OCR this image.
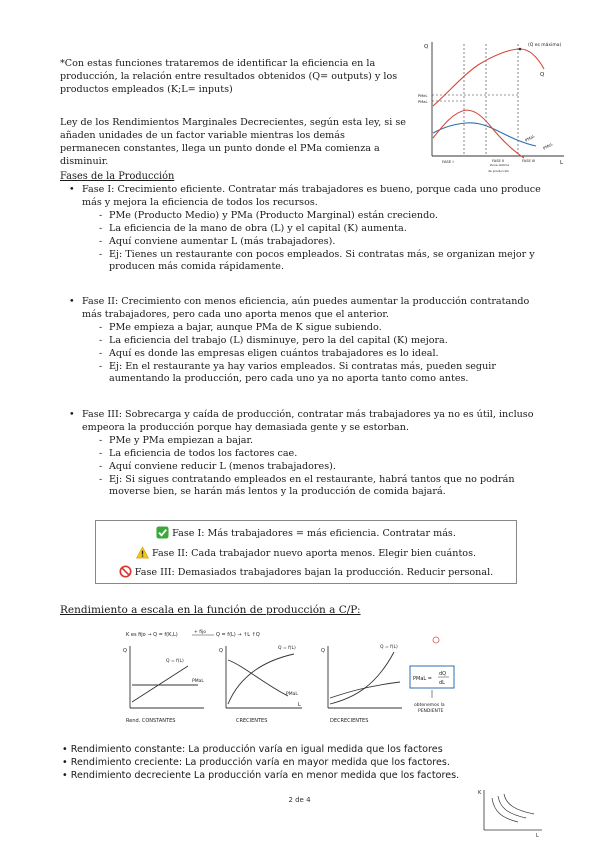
*Con estas funciones trataremos de identificar la eficiencia en la producción, la relación entre resultados obtenidos (Q= outputs) y los productos empleados (K;L= inputs)
Ley de los Rendimientos Marginales Decrecientes, según esta ley, si se añaden unidades de un factor variable mientras los demás permanecen constantes, llega un punto donde el PMa comienza a disminuir.
Q
L
Q
(Q es máxima)
PMeL
PMaL
PMaL
PMeL
FASE I	FASE II
Zona óptima
FASE III
de producción
Fases de la Producción
• Fase I: Crecimiento eficiente. Contratar más trabajadores es bueno, porque cada uno produce más y mejora la eficiencia de todos los recursos.
- PMe (Producto Medio) y PMa (Producto Marginal) están creciendo.
- La eficiencia de la mano de obra (L) y el capital (K) aumenta.
- Aquí conviene aumentar L (más trabajadores).
- Ej: Tienes un restaurante con pocos empleados. Si contratas más, se organizan mejor y producen más comida rápidamente.
• Fase II: Crecimiento con menos eficiencia, aún puedes aumentar la producción contratando más trabajadores, pero cada uno aporta menos que el anterior.
- PMe empieza a bajar, aunque PMa de K sigue subiendo.
- La eficiencia del trabajo (L) disminuye, pero la del capital (K) mejora.
- Aquí es donde las empresas eligen cuántos trabajadores es lo ideal.
- Ej: En el restaurante ya hay varios empleados. Si contratas más, pueden seguir aumentando la producción, pero cada uno ya no aporta tanto como antes.
• Fase III: Sobrecarga y caída de producción, contratar más trabajadores ya no es útil, incluso empeora la producción porque hay demasiada gente y se estorban.
- PMe y PMa empiezan a bajar.
- La eficiencia de todos los factores cae.
- Aquí conviene reducir L (menos trabajadores).
- Ej: Si sigues contratando empleados en el restaurante, habrá tantos que no podrán moverse bien, se harán más lentos y la producción de comida bajará.
Fase I: Más trabajadores = más eficiencia. Contratar más.
Fase II: Cada trabajador nuevo aporta menos. Elegir bien cuántos.
Fase III: Demasiados trabajadores bajan la producción. Reducir personal.
Rendimiento a escala en la función de producción a C/P:
K es fijo → Q = f(K,L)	+ fijo Q = f(L) → ↑L ↑Q
Q
Q = f(L)
PMaL
Rend. CONSTANTES
Q
L
Q = f(L)
PMaL
CRECIENTES
Q
Q = f(L)
DECRECIENTES
PMaL =
dQ
dL
obtenemos la
PENDIENTE
• Rendimiento constante: La producción varía en igual medida que los factores
• Rendimiento creciente: La producción varía en mayor medida que los factores.
• Rendimiento decreciente La producción varía en menor medida que los factores.
K
L
2 de 4
